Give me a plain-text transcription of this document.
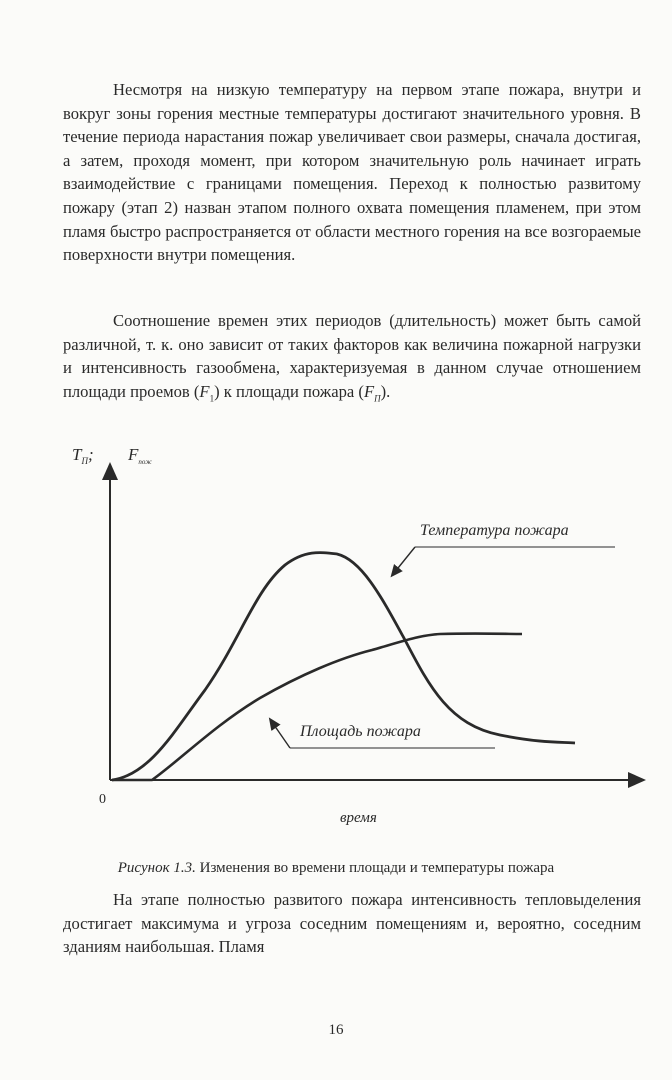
Несмотря на низкую температуру на первом этапе пожара, внутри и вокруг зоны горения местные температуры достигают значительного уровня. В течение периода нарастания пожар увеличивает свои размеры, сначала достигая, а затем, проходя момент, при котором значительную роль начинает играть взаимодействие с границами помещения. Переход к полностью развитому пожару (этап 2) назван этапом полного охвата помещения пламенем, при этом пламя быстро распространяется от области местного горения на все возгораемые поверхности внутри помещения.

Соотношение времен этих периодов (длительность) может быть самой различной, т. к. оно зависит от таких факторов как величина пожарной нагрузки и интенсивность газообмена, характеризуемая в данном случае отношением площади проемов $(F_1)$ к площади пожара $(F_П)$.

Температура пожара
Площадь пожара
$T_П$; $F_{пож}$
0
время
Рисунок 1.3. Изменения во времени площади и температуры пожара

На этапе полностью развитого пожара интенсивность тепловыделения достигает максимума и угроза соседним помещениям и, вероятно, соседним зданиям наибольшая. Пламя

16
